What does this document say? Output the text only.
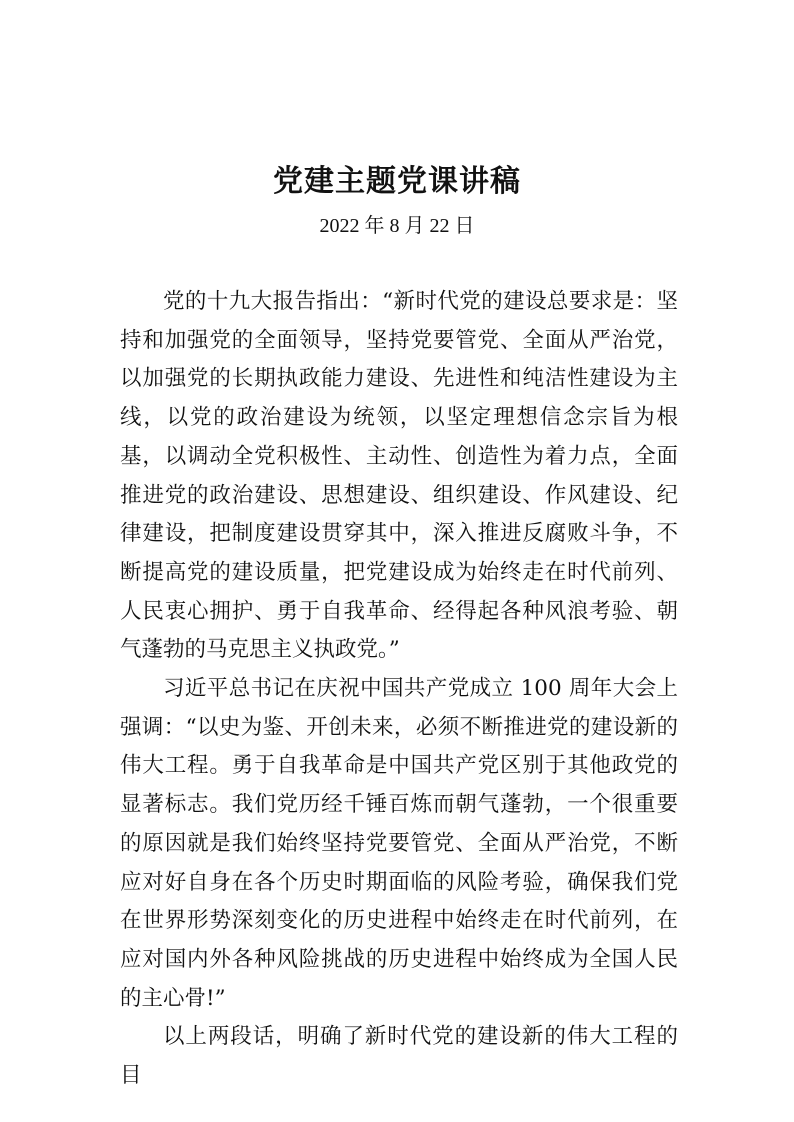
党建主题党课讲稿
2022 年 8 月 22 日

党的十九大报告指出：“新时代党的建设总要求是：坚持和加强党的全面领导，坚持党要管党、全面从严治党，以加强党的长期执政能力建设、先进性和纯洁性建设为主线，以党的政治建设为统领，以坚定理想信念宗旨为根基，以调动全党积极性、主动性、创造性为着力点，全面推进党的政治建设、思想建设、组织建设、作风建设、纪律建设，把制度建设贯穿其中，深入推进反腐败斗争，不断提高党的建设质量，把党建设成为始终走在时代前列、人民衷心拥护、勇于自我革命、经得起各种风浪考验、朝气蓬勃的马克思主义执政党。”

习近平总书记在庆祝中国共产党成立 100 周年大会上强调：“以史为鉴、开创未来，必须不断推进党的建设新的伟大工程。勇于自我革命是中国共产党区别于其他政党的显著标志。我们党历经千锤百炼而朝气蓬勃，一个很重要的原因就是我们始终坚持党要管党、全面从严治党，不断应对好自身在各个历史时期面临的风险考验，确保我们党在世界形势深刻变化的历史进程中始终走在时代前列，在应对国内外各种风险挑战的历史进程中始终成为全国人民的主心骨!”

以上两段话，明确了新时代党的建设新的伟大工程的目
